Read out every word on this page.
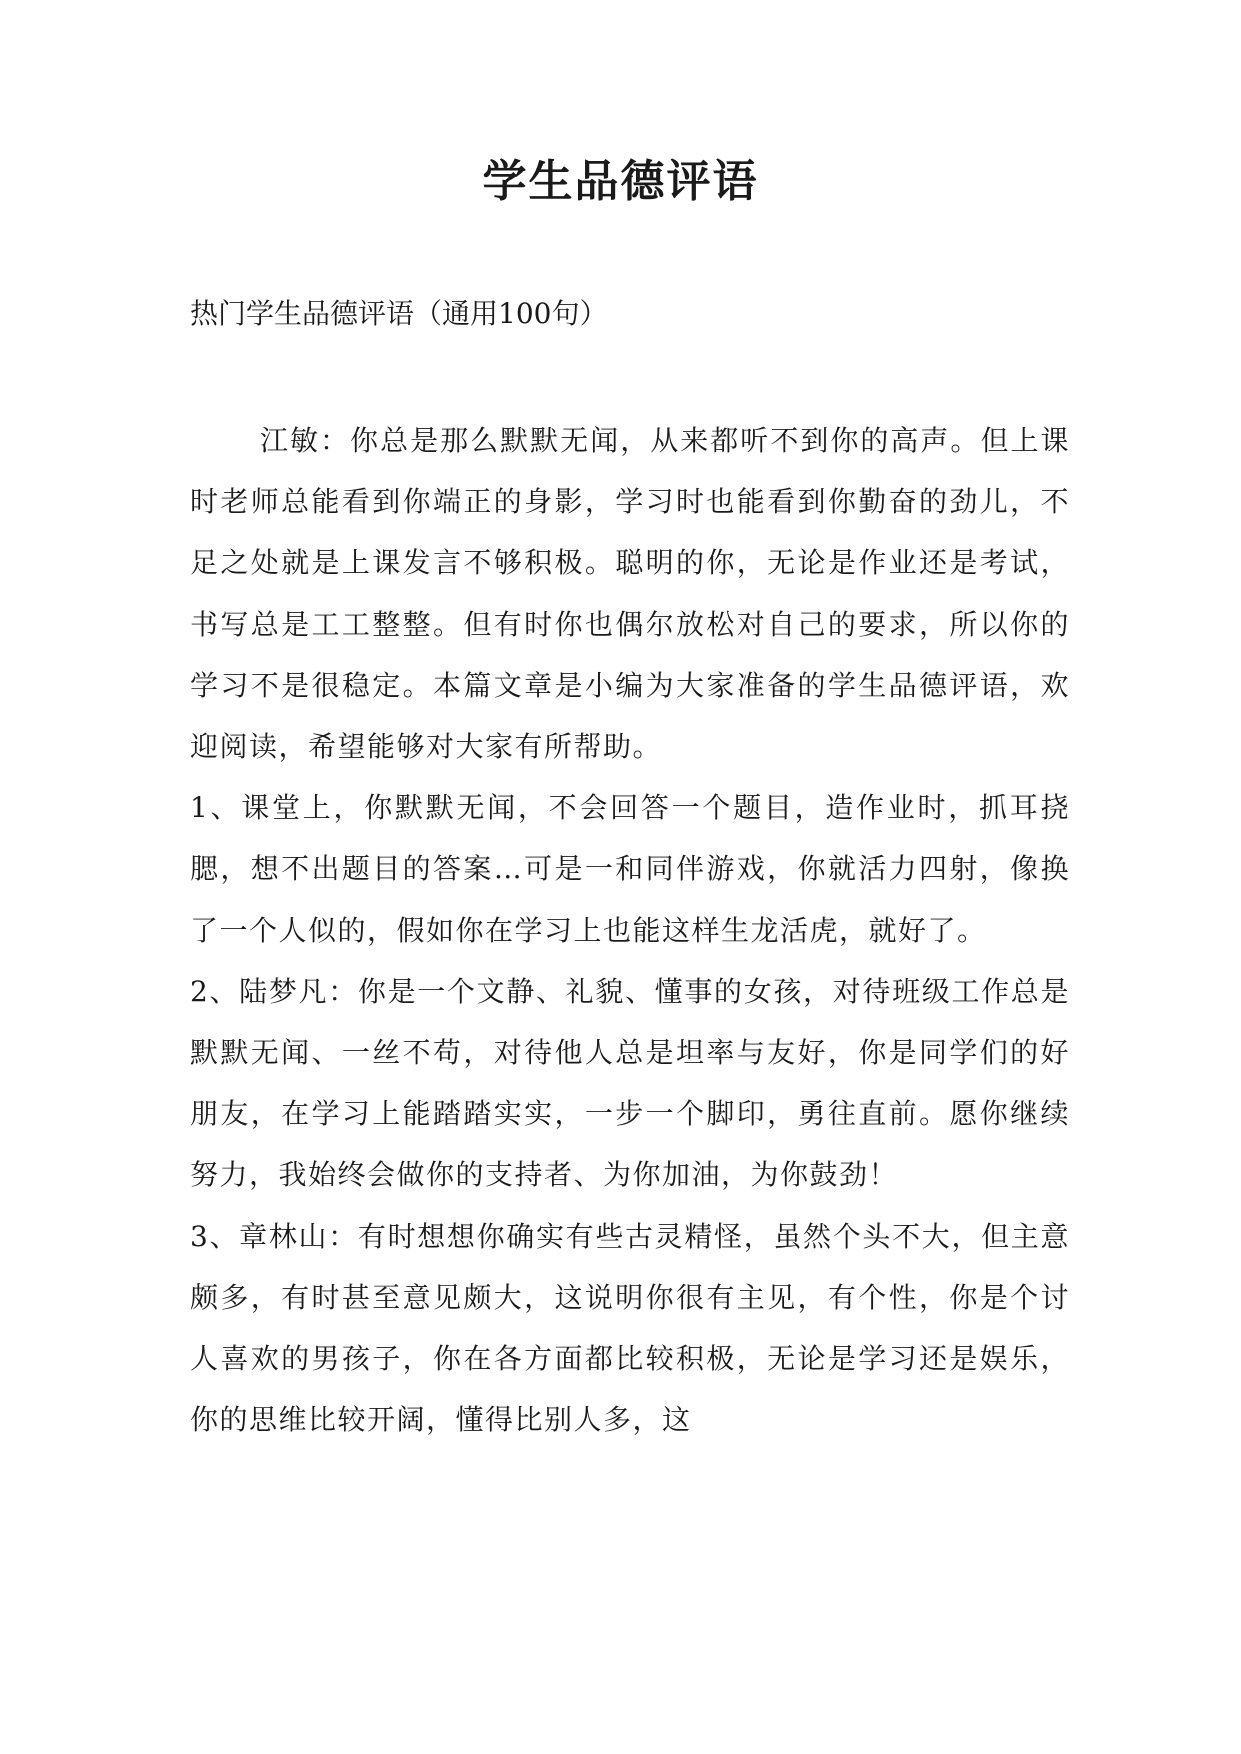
学生品德评语

热门学生品德评语（通用100句）

江敏：你总是那么默默无闻，从来都听不到你的高声。但上课时老师总能看到你端正的身影，学习时也能看到你勤奋的劲儿，不足之处就是上课发言不够积极。聪明的你，无论是作业还是考试，书写总是工工整整。但有时你也偶尔放松对自己的要求，所以你的学习不是很稳定。本篇文章是小编为大家准备的学生品德评语，欢迎阅读，希望能够对大家有所帮助。

1、课堂上，你默默无闻，不会回答一个题目，造作业时，抓耳挠腮，想不出题目的答案…可是一和同伴游戏，你就活力四射，像换了一个人似的，假如你在学习上也能这样生龙活虎，就好了。

2、陆梦凡：你是一个文静、礼貌、懂事的女孩，对待班级工作总是默默无闻、一丝不苟，对待他人总是坦率与友好，你是同学们的好朋友，在学习上能踏踏实实，一步一个脚印，勇往直前。愿你继续努力，我始终会做你的支持者、为你加油，为你鼓劲！

3、章林山：有时想想你确实有些古灵精怪，虽然个头不大，但主意颇多，有时甚至意见颇大，这说明你很有主见，有个性，你是个讨人喜欢的男孩子，你在各方面都比较积极，无论是学习还是娱乐，你的思维比较开阔，懂得比别人多，这
